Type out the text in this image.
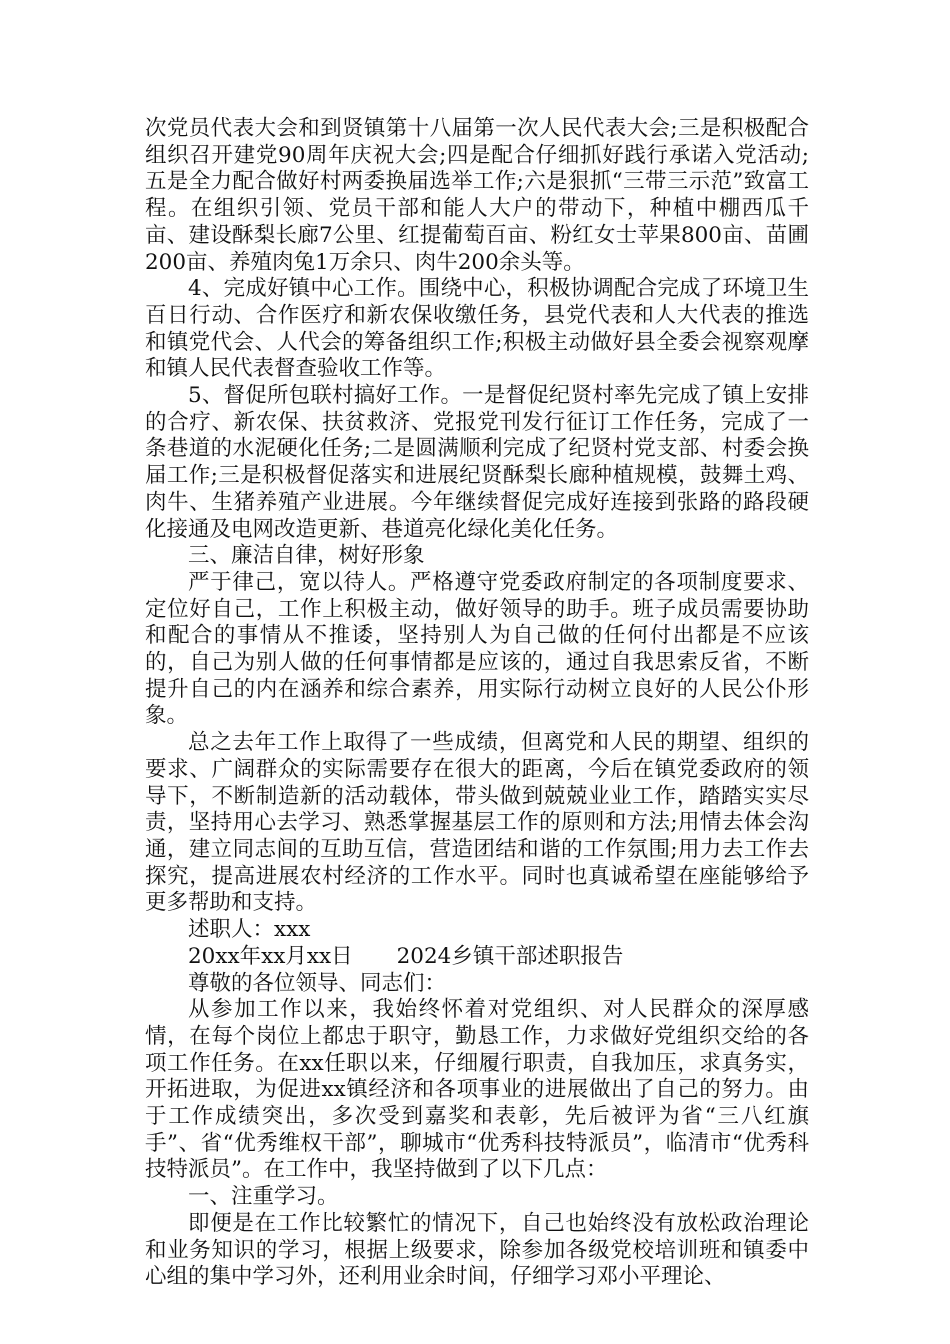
次党员代表大会和到贤镇第十八届第一次人民代表大会;三是积极配合组织召开建党90周年庆祝大会;四是配合仔细抓好践行承诺入党活动;五是全力配合做好村两委换届选举工作;六是狠抓“三带三示范”致富工程。在组织引领、党员干部和能人大户的带动下，种植中棚西瓜千亩、建设酥梨长廊7公里、红提葡萄百亩、粉红女士苹果800亩、苗圃200亩、养殖肉兔1万余只、肉牛200余头等。

4、完成好镇中心工作。围绕中心，积极协调配合完成了环境卫生百日行动、合作医疗和新农保收缴任务，县党代表和人大代表的推选和镇党代会、人代会的筹备组织工作;积极主动做好县全委会视察观摩和镇人民代表督查验收工作等。

5、督促所包联村搞好工作。一是督促纪贤村率先完成了镇上安排的合疗、新农保、扶贫救济、党报党刊发行征订工作任务，完成了一条巷道的水泥硬化任务;二是圆满顺利完成了纪贤村党支部、村委会换届工作;三是积极督促落实和进展纪贤酥梨长廊种植规模，鼓舞土鸡、肉牛、生猪养殖产业进展。今年继续督促完成好连接到张路的路段硬化接通及电网改造更新、巷道亮化绿化美化任务。

三、廉洁自律，树好形象

严于律己，宽以待人。严格遵守党委政府制定的各项制度要求、定位好自己，工作上积极主动，做好领导的助手。班子成员需要协助和配合的事情从不推诿，坚持别人为自己做的任何付出都是不应该的，自己为别人做的任何事情都是应该的，通过自我思索反省，不断提升自己的内在涵养和综合素养，用实际行动树立良好的人民公仆形象。

总之去年工作上取得了一些成绩，但离党和人民的期望、组织的要求、广阔群众的实际需要存在很大的距离，今后在镇党委政府的领导下，不断制造新的活动载体，带头做到兢兢业业工作，踏踏实实尽责，坚持用心去学习、熟悉掌握基层工作的原则和方法;用情去体会沟通，建立同志间的互助互信，营造团结和谐的工作氛围;用力去工作去探究，提高进展农村经济的工作水平。同时也真诚希望在座能够给予更多帮助和支持。

述职人：xxx

20xx年xx月xx日 2024乡镇干部述职报告

尊敬的各位领导、同志们：

从参加工作以来，我始终怀着对党组织、对人民群众的深厚感情，在每个岗位上都忠于职守，勤恳工作，力求做好党组织交给的各项工作任务。在xx任职以来，仔细履行职责，自我加压，求真务实，开拓进取，为促进xx镇经济和各项事业的进展做出了自己的努力。由于工作成绩突出，多次受到嘉奖和表彰，先后被评为省“三八红旗手”、省“优秀维权干部”，聊城市“优秀科技特派员”，临清市“优秀科技特派员”。在工作中，我坚持做到了以下几点：

一、注重学习。

即便是在工作比较繁忙的情况下，自己也始终没有放松政治理论和业务知识的学习，根据上级要求，除参加各级党校培训班和镇委中心组的集中学习外，还利用业余时间，仔细学习邓小平理论、
